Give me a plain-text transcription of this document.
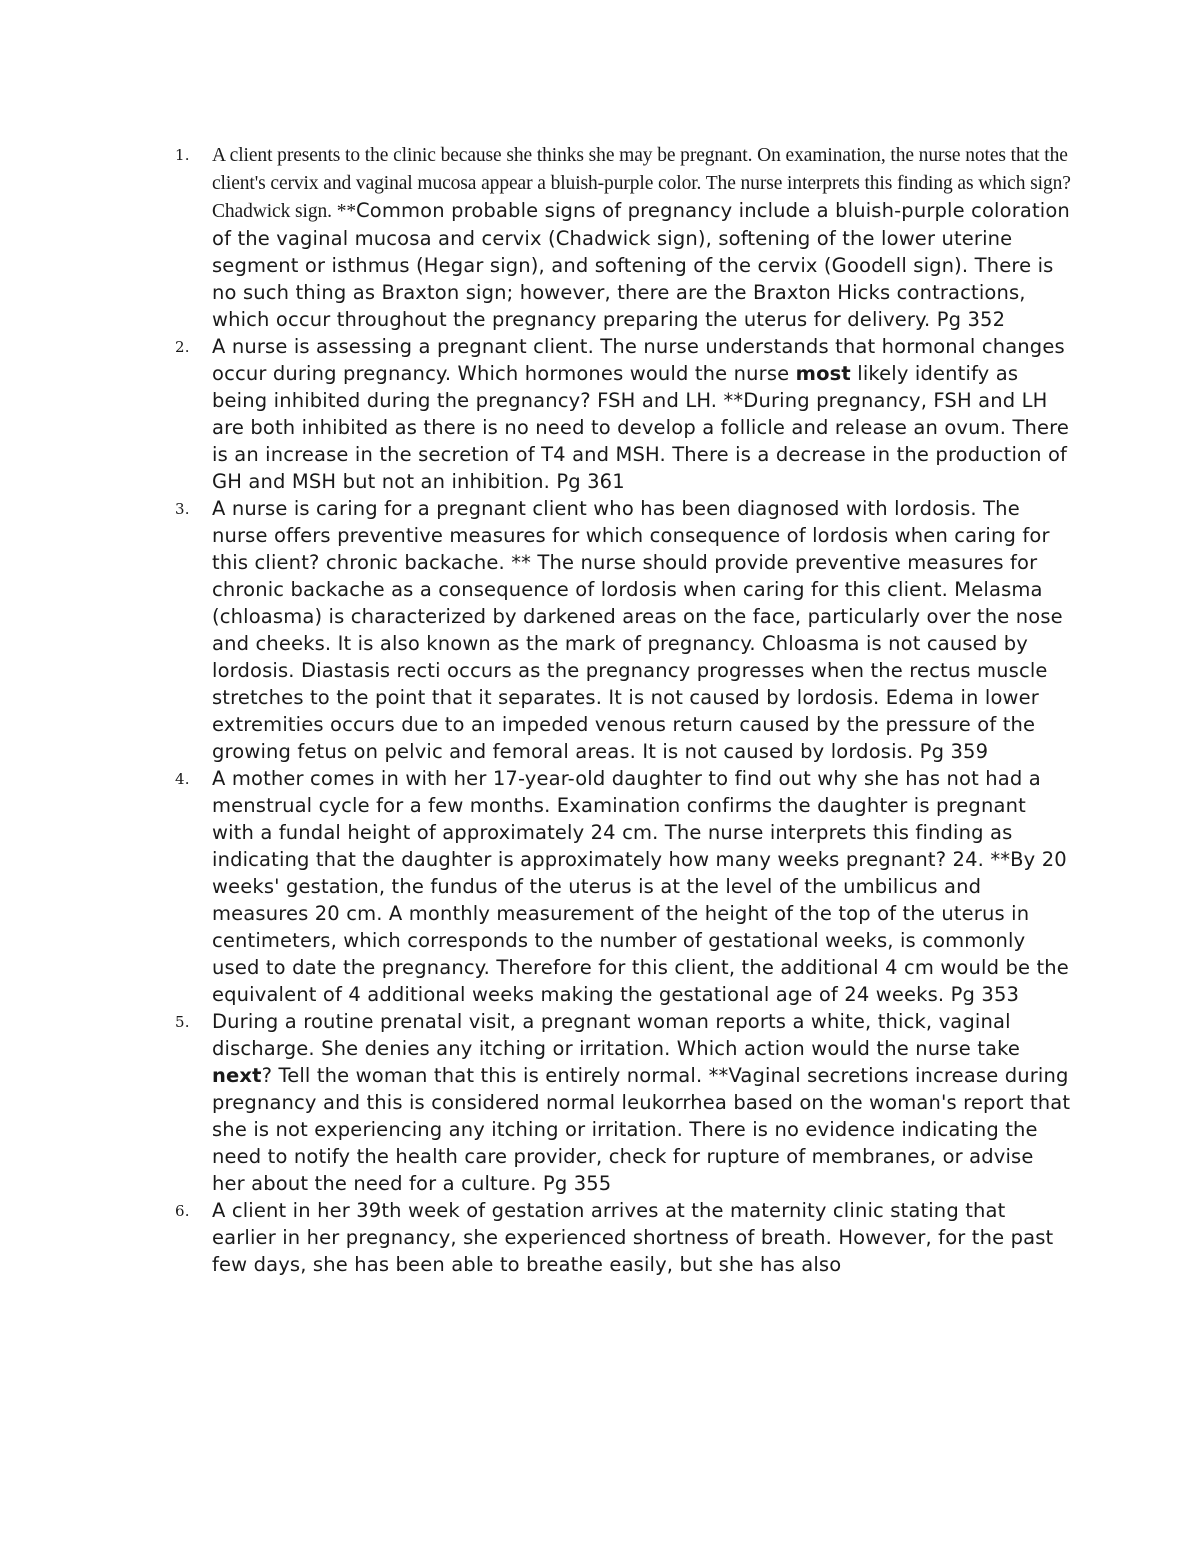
1. A client presents to the clinic because she thinks she may be pregnant. On examination, the nurse notes that the client's cervix and vaginal mucosa appear a bluish-purple color. The nurse interprets this finding as which sign? Chadwick sign. **Common probable signs of pregnancy include a bluish-purple coloration of the vaginal mucosa and cervix (Chadwick sign), softening of the lower uterine segment or isthmus (Hegar sign), and softening of the cervix (Goodell sign). There is no such thing as Braxton sign; however, there are the Braxton Hicks contractions, which occur throughout the pregnancy preparing the uterus for delivery. Pg 352
2. A nurse is assessing a pregnant client. The nurse understands that hormonal changes occur during pregnancy. Which hormones would the nurse most likely identify as being inhibited during the pregnancy? FSH and LH. **During pregnancy, FSH and LH are both inhibited as there is no need to develop a follicle and release an ovum. There is an increase in the secretion of T4 and MSH. There is a decrease in the production of GH and MSH but not an inhibition. Pg 361
3. A nurse is caring for a pregnant client who has been diagnosed with lordosis. The nurse offers preventive measures for which consequence of lordosis when caring for this client? chronic backache. ** The nurse should provide preventive measures for chronic backache as a consequence of lordosis when caring for this client. Melasma (chloasma) is characterized by darkened areas on the face, particularly over the nose and cheeks. It is also known as the mark of pregnancy. Chloasma is not caused by lordosis. Diastasis recti occurs as the pregnancy progresses when the rectus muscle stretches to the point that it separates. It is not caused by lordosis. Edema in lower extremities occurs due to an impeded venous return caused by the pressure of the growing fetus on pelvic and femoral areas. It is not caused by lordosis. Pg 359
4. A mother comes in with her 17-year-old daughter to find out why she has not had a menstrual cycle for a few months. Examination confirms the daughter is pregnant with a fundal height of approximately 24 cm. The nurse interprets this finding as indicating that the daughter is approximately how many weeks pregnant? 24. **By 20 weeks' gestation, the fundus of the uterus is at the level of the umbilicus and measures 20 cm. A monthly measurement of the height of the top of the uterus in centimeters, which corresponds to the number of gestational weeks, is commonly used to date the pregnancy. Therefore for this client, the additional 4 cm would be the equivalent of 4 additional weeks making the gestational age of 24 weeks. Pg 353
5. During a routine prenatal visit, a pregnant woman reports a white, thick, vaginal discharge. She denies any itching or irritation. Which action would the nurse take next? Tell the woman that this is entirely normal. **Vaginal secretions increase during pregnancy and this is considered normal leukorrhea based on the woman's report that she is not experiencing any itching or irritation. There is no evidence indicating the need to notify the health care provider, check for rupture of membranes, or advise her about the need for a culture. Pg 355
6. A client in her 39th week of gestation arrives at the maternity clinic stating that earlier in her pregnancy, she experienced shortness of breath. However, for the past few days, she has been able to breathe easily, but she has also
